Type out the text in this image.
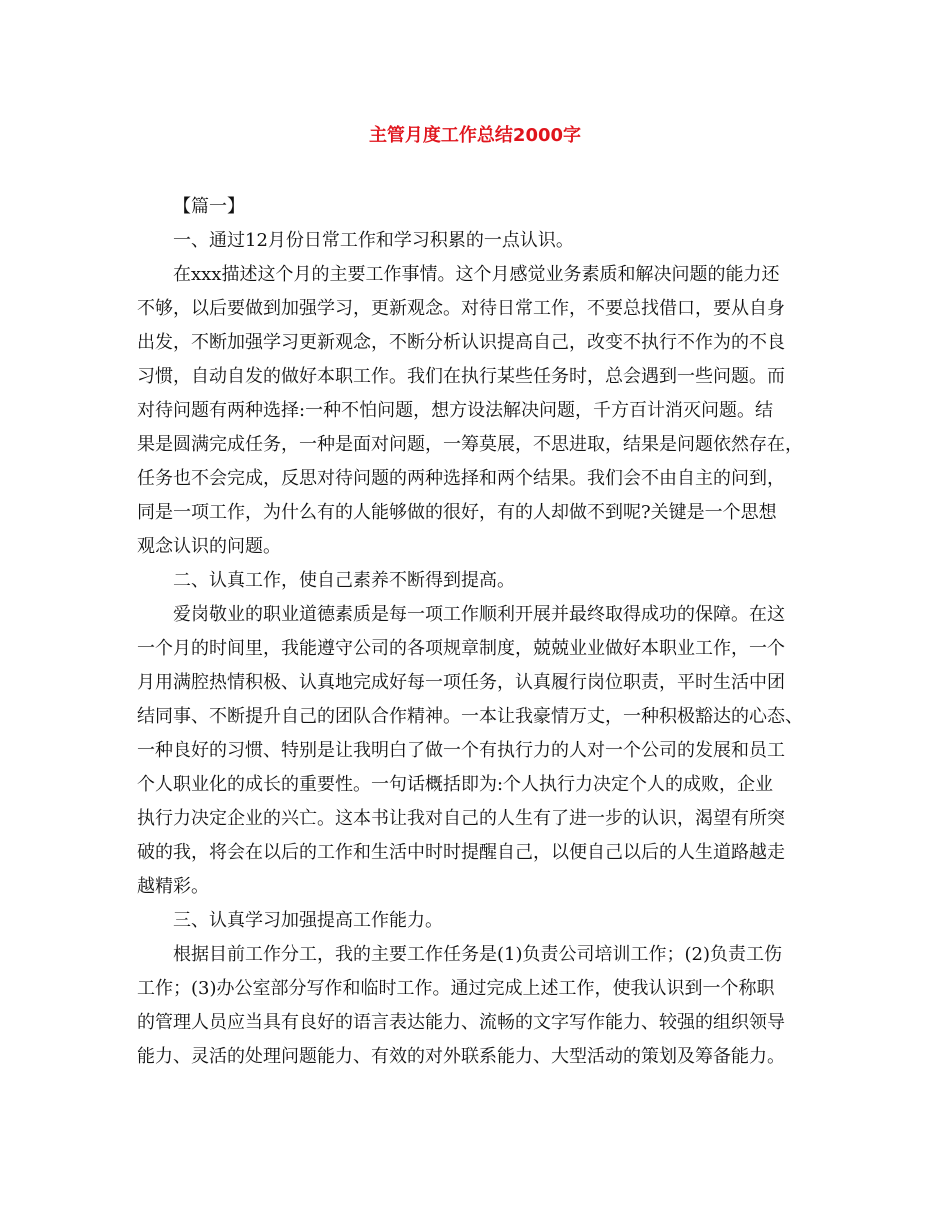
主管月度工作总结2000字
【篇一】
一、通过12月份日常工作和学习积累的一点认识。
在xxx描述这个月的主要工作事情。这个月感觉业务素质和解决问题的能力还
不够，以后要做到加强学习，更新观念。对待日常工作，不要总找借口，要从自身
出发，不断加强学习更新观念，不断分析认识提高自己，改变不执行不作为的不良
习惯，自动自发的做好本职工作。我们在执行某些任务时，总会遇到一些问题。而
对待问题有两种选择:一种不怕问题，想方设法解决问题，千方百计消灭问题。结
果是圆满完成任务，一种是面对问题，一筹莫展，不思进取，结果是问题依然存在，
任务也不会完成，反思对待问题的两种选择和两个结果。我们会不由自主的问到，
同是一项工作，为什么有的人能够做的很好，有的人却做不到呢?关键是一个思想
观念认识的问题。
二、认真工作，使自己素养不断得到提高。
爱岗敬业的职业道德素质是每一项工作顺利开展并最终取得成功的保障。在这
一个月的时间里，我能遵守公司的各项规章制度，兢兢业业做好本职业工作，一个
月用满腔热情积极、认真地完成好每一项任务，认真履行岗位职责，平时生活中团
结同事、不断提升自己的团队合作精神。一本让我豪情万丈，一种积极豁达的心态、
一种良好的习惯、特别是让我明白了做一个有执行力的人对一个公司的发展和员工
个人职业化的成长的重要性。一句话概括即为:个人执行力决定个人的成败，企业
执行力决定企业的兴亡。这本书让我对自己的人生有了进一步的认识，渴望有所突
破的我，将会在以后的工作和生活中时时提醒自己，以便自己以后的人生道路越走
越精彩。
三、认真学习加强提高工作能力。
根据目前工作分工，我的主要工作任务是(1)负责公司培训工作；(2)负责工伤
工作；(3)办公室部分写作和临时工作。通过完成上述工作，使我认识到一个称职
的管理人员应当具有良好的语言表达能力、流畅的文字写作能力、较强的组织领导
能力、灵活的处理问题能力、有效的对外联系能力、大型活动的策划及筹备能力。
